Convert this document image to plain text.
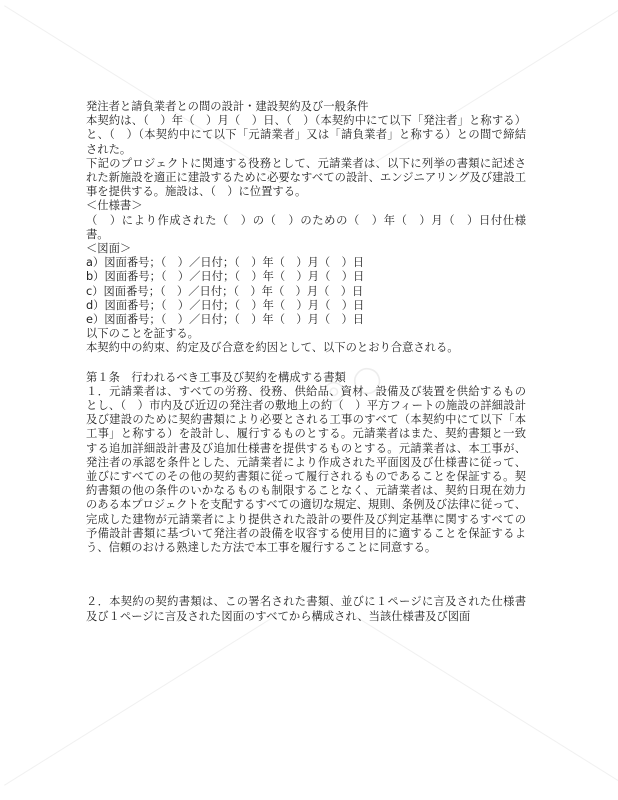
◎ ◯

発注者と請負業者との間の設計・建設契約及び一般条件

本契約は、（　）年（　）月（　）日、（　）（本契約中にて以下「発注者」と称する）と、（　）（本契約中にて以下「元請業者」又は「請負業者」と称する）との間で締結された。

下記のプロジェクトに関連する役務として、元請業者は、以下に列挙の書類に記述された新施設を適正に建設するために必要なすべての設計、エンジニアリング及び建設工事を提供する。施設は、（　）に位置する。

＜仕様書＞

（　）により作成された（　）の（　）のための（　）年（　）月（　）日付仕様書。

＜図面＞

a）図面番号；（　）／日付；（　）年（　）月（　）日

b）図面番号；（　）／日付；（　）年（　）月（　）日

c）図面番号；（　）／日付；（　）年（　）月（　）日

d）図面番号；（　）／日付；（　）年（　）月（　）日

e）図面番号；（　）／日付；（　）年（　）月（　）日

以下のことを証する。

本契約中の約束、約定及び合意を約因として、以下のとおり合意される。

第１条　行われるべき工事及び契約を構成する書類

１．元請業者は、すべての労務、役務、供給品、資材、設備及び装置を供給するものとし、（　）市内及び近辺の発注者の敷地上の約（　）平方フィートの施設の詳細設計及び建設のために契約書類により必要とされる工事のすべて（本契約中にて以下「本工事」と称する）を設計し、履行するものとする。元請業者はまた、契約書類と一致する追加詳細設計書及び追加仕様書を提供するものとする。元請業者は、本工事が、発注者の承認を条件とした、元請業者により作成された平面図及び仕様書に従って、並びにすべてのその他の契約書類に従って履行されるものであることを保証する。契約書類の他の条件のいかなるものも制限することなく、元請業者は、契約日現在効力のある本プロジェクトを支配するすべての適切な規定、規則、条例及び法律に従って、完成した建物が元請業者により提供された設計の要件及び判定基準に関するすべての予備設計書類に基づいて発注者の設備を収容する使用目的に適することを保証するよう、信頼のおける熟達した方法で本工事を履行することに同意する。

２．本契約の契約書類は、この署名された書類、並びに１ページに言及された仕様書及び１ページに言及された図面のすべてから構成され、当該仕様書及び図面
